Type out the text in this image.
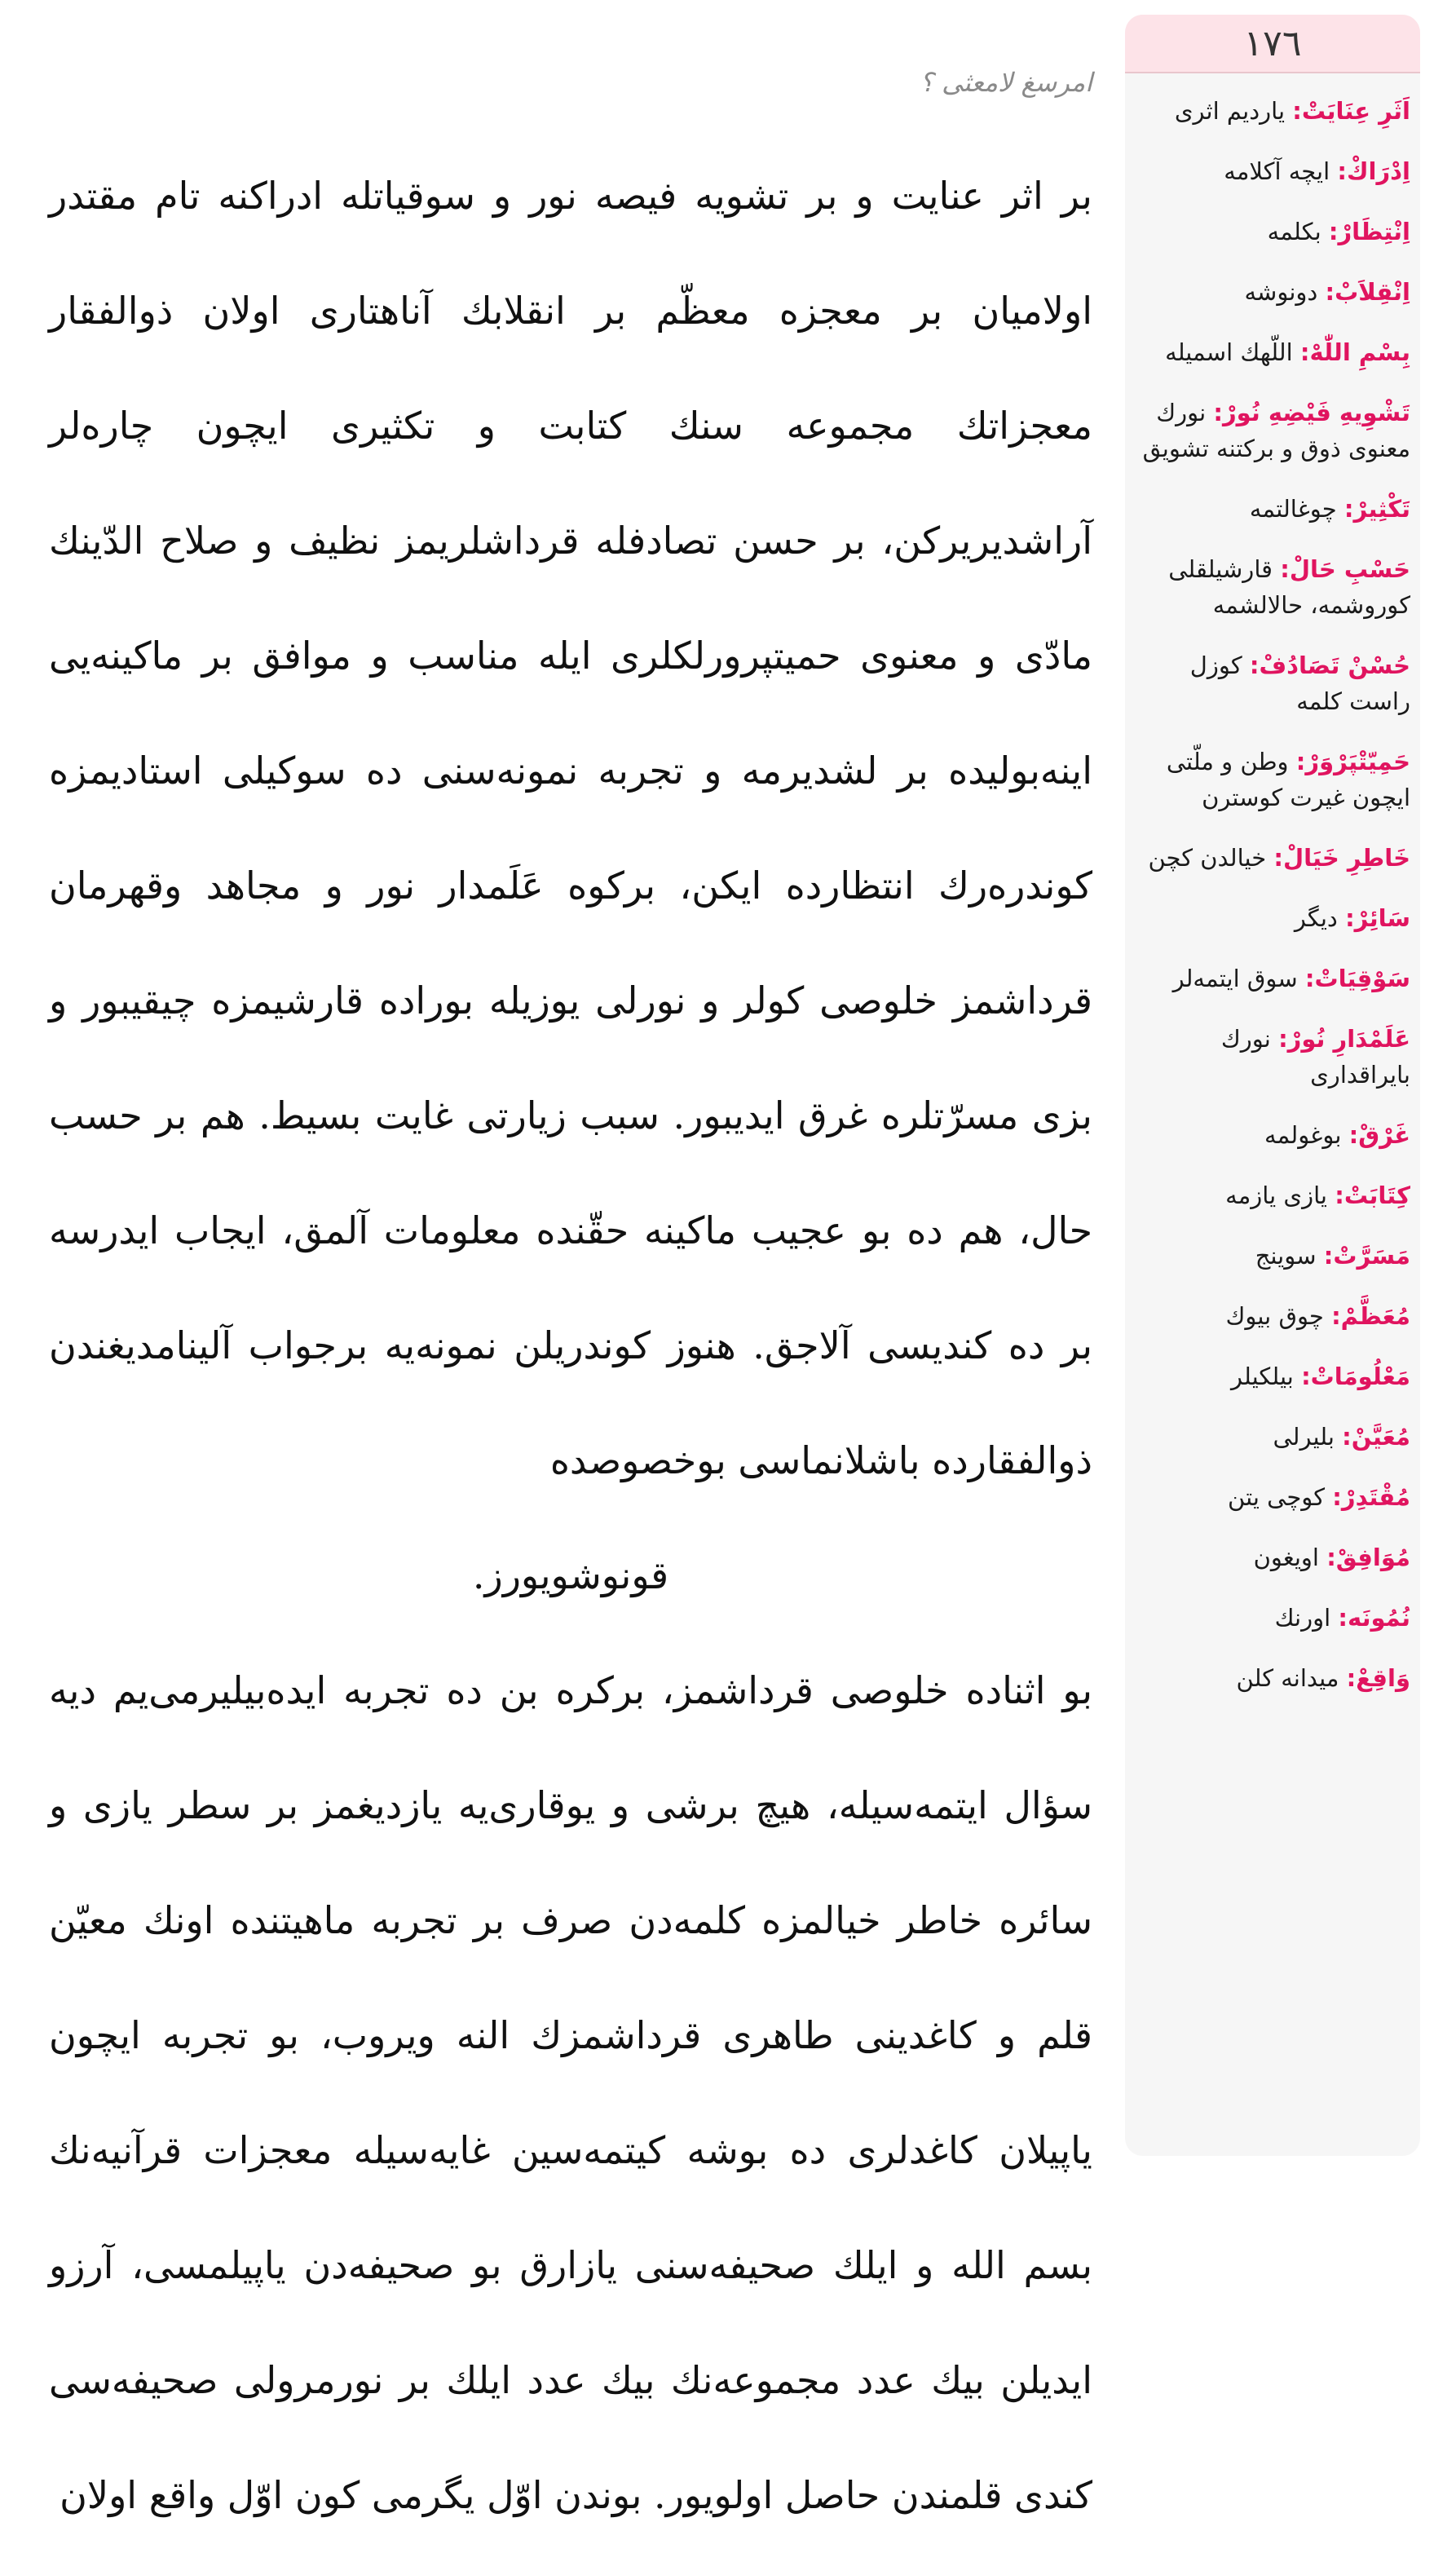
١٧٦
اَثَرِ عِنَایَتْ: یاردیم اثری
اِدْرَاكْ: ایچه آکلامه
اِنْتِظَارْ: بکلمه
اِنْقِلاَبْ: دونوشه
بِسْمِ اللّٰهْ: اللّهك اسمیله
تَشْوِیهِ فَیْضِهِ نُورْ: نورك معنوی ذوق و برکتنه تشویق
تَکْثِیرْ: چوغالتمه
حَسْبِ حَالْ: قارشیلقلی کوروشمه، حالالشمه
حُسْنْ تَصَادُفْ: کوزل راست کلمه
حَمِیّتْپَرْوَرْ: وطن و ملّتی ایچون غیرت کوسترن
خَاطِرِ خَیَالْ: خیالدن کچن
سَائِرْ: دیگر
سَوْقِیَاتْ: سوق ایتمه‌لر
عَلَمْدَارِ نُورْ: نورك بایراقداری
غَرْقْ: بوغولمه
کِتَابَتْ: یازی یازمه
مَسَرَّتْ: سوینج
مُعَظَّمْ: چوق بیوك
مَعْلُومَاتْ: بیلکیلر
مُعَیَّنْ: بلیرلی
مُقْتَدِرْ: کوچی یتن
مُوَافِقْ: اویغون
نُمُونَه: اورنك
وَاقِعْ: میدانه کلن
امرسغ لامعثی ؟

بر اثر عنایت و بر تشویه فیصه نور و سوقیاتله ادراکنه تام مقتدر اولامیان بر معجزه معظّم بر انقلابك آناهتاری اولان ذوالفقار معجزاتك مجموعه سنك کتابت و تکثیری ایچون چاره‌لر آراشدیریرکن، بر حسن تصادفله قرداشلریمز نظیف و صلاح الدّینك مادّی و معنوی حمیتپرورلکلری ایله مناسب و موافق بر ماکینه‌یی اینه‌بولیده بر لشدیرمه و تجربه نمونه‌سنی ده سوکیلی استادیمزه کوندره‌رك انتظارده ایکن، برکوه عَلَمدار نور و مجاهد وقهرمان قرداشمز خلوصی کولر و نورلی یوزیله بوراده قارشیمزه چیقیبور و بزی مسرّتلره غرق ایدیبور. سبب زیارتی غایت بسیط. هم بر حسب حال، هم ده بو عجیب ماکینه حقّنده معلومات آلمق، ایجاب ایدرسه بر ده کندیسی آلاجق. هنوز کوندریلن نمونه‌یه برجواب آلینامدیغندن ذوالفقارده باشلانماسی بوخصوصده

قونوشویورز.

بو اثناده خلوصی قرداشمز، برکره بن ده تجربه ایده‌بیلیرمی‌یم دیه سؤال ایتمه‌سیله، هیچ برشی و یوقاری‌یه یازدیغمز بر سطر یازی و سائره خاطر خیالمزه کلمه‌دن صرف بر تجربه ماهیتنده اونك معیّن قلم و کاغدینی طاهری قرداشمزك النه ویروب، بو تجربه ایچون یاپیلان کاغدلری ده بوشه کیتمه‌سین غایه‌سیله معجزات قرآنیه‌نك بسم الله و ایلك صحیفه‌سنی یازارق بو صحیفه‌دن یاپیلمسی، آرزو ایدیلن بیك عدد مجموعه‌نك بیك عدد ایلك بر نورمرولی صحیفه‌سی کندی قلمندن حاصل اولویور. بوندن اوّل یگرمی کون اوّل واقع اولان
